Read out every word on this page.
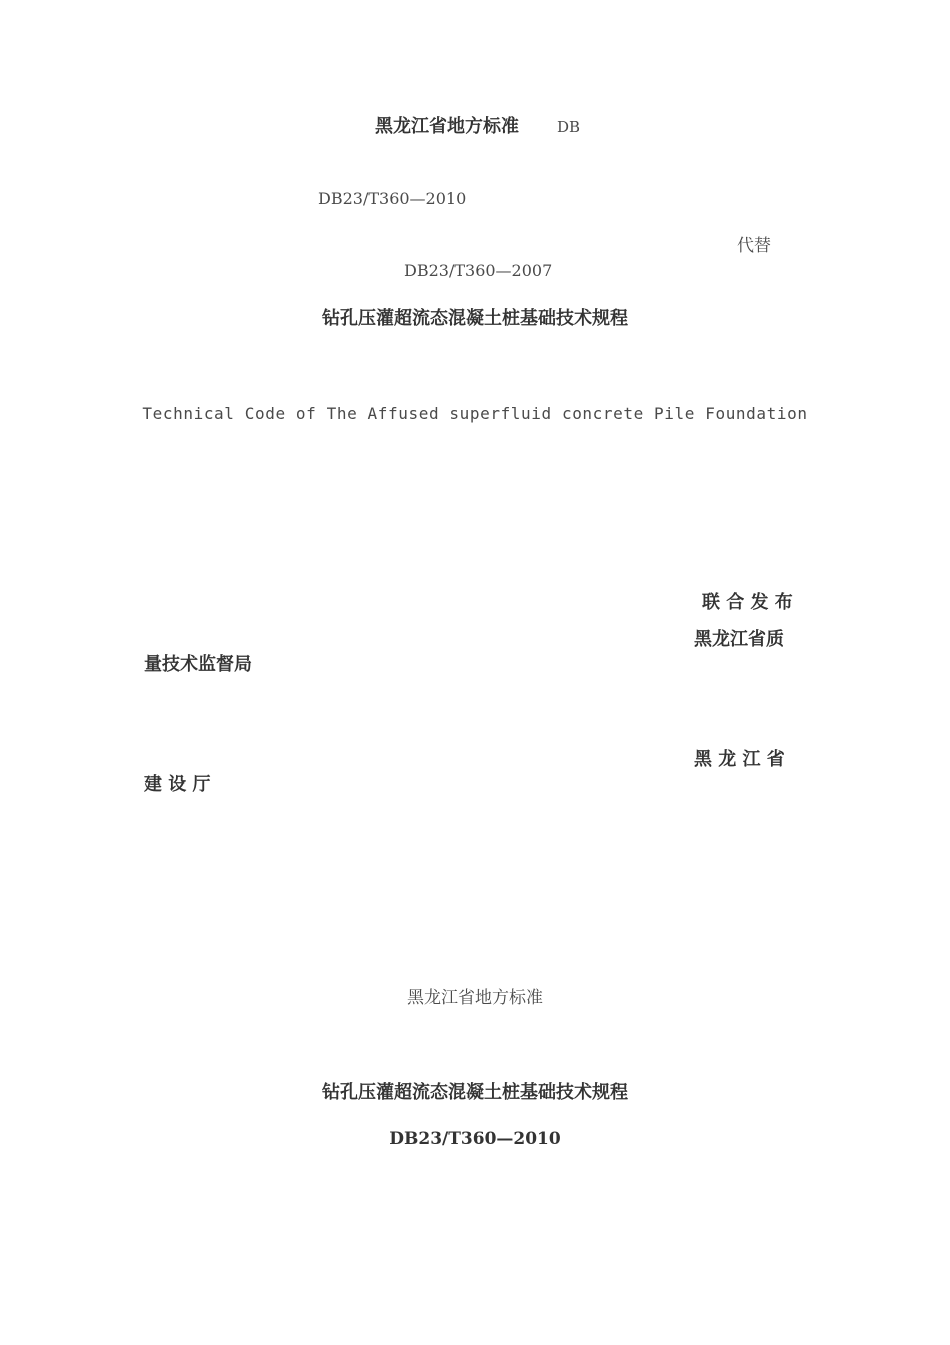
黑龙江省地方标准	DB
DB23/T360—2010
代替
DB23/T360—2007
钻孔压灌超流态混凝土桩基础技术规程
Technical Code of The Affused superfluid concrete Pile Foundation
联 合 发 布
黑龙江省质
量技术监督局
黑 龙 江 省
建 设 厅
黑龙江省地方标准
钻孔压灌超流态混凝土桩基础技术规程
DB23/T360—2010
